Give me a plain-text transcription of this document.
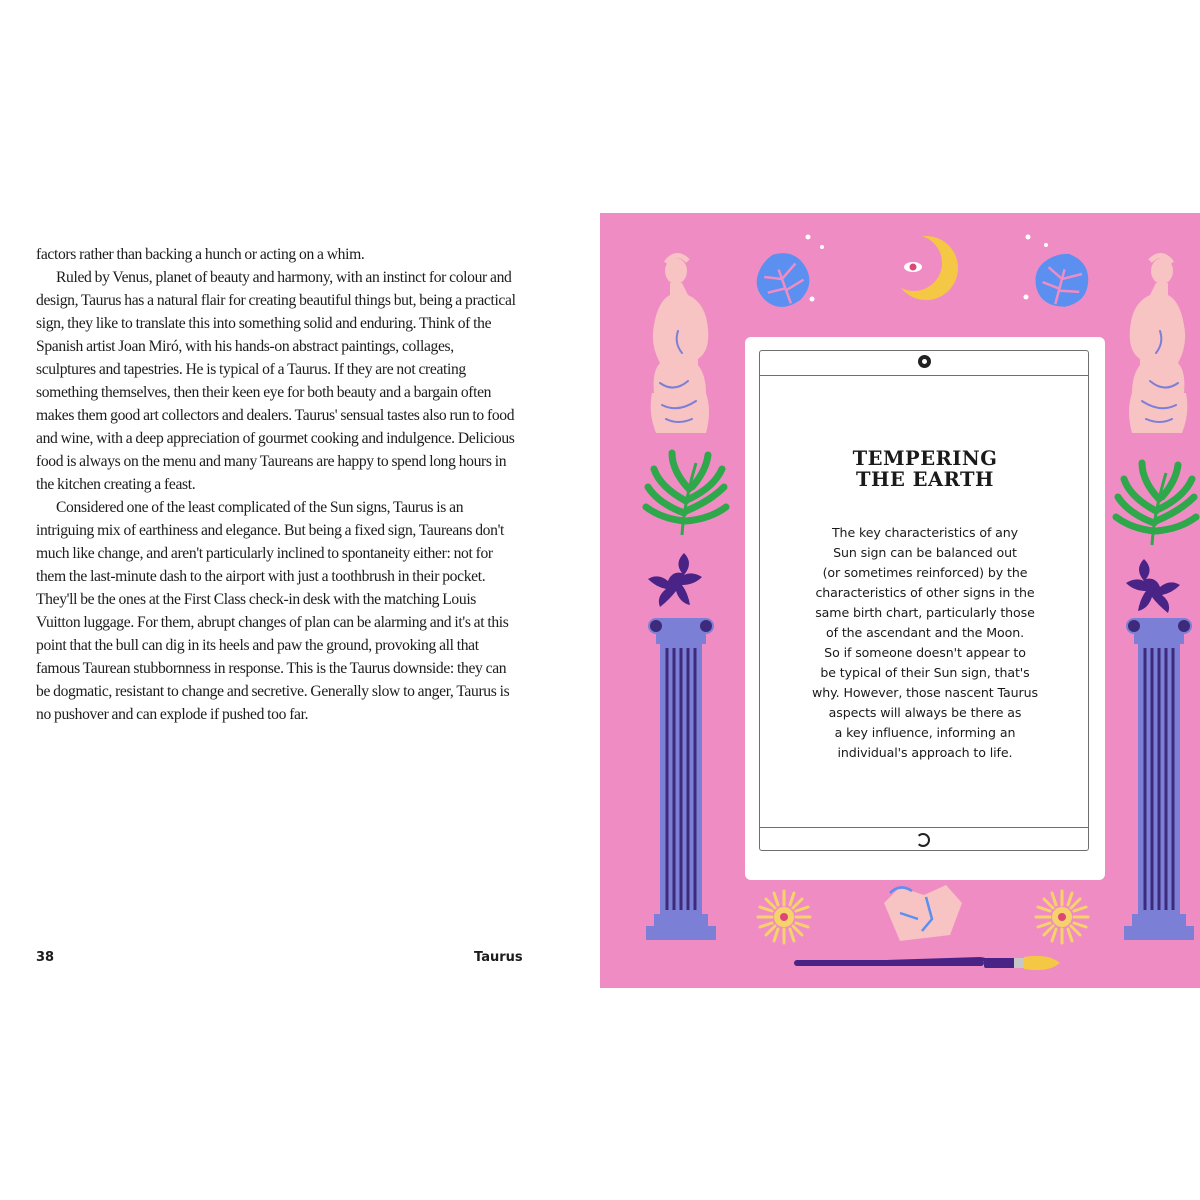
factors rather than backing a hunch or acting on a whim.

Ruled by Venus, planet of beauty and harmony, with an instinct for colour and design, Taurus has a natural flair for creating beautiful things but, being a practical sign, they like to translate this into something solid and enduring. Think of the Spanish artist Joan Miró, with his hands-on abstract paintings, collages, sculptures and tapestries. He is typical of a Taurus. If they are not creating something themselves, then their keen eye for both beauty and a bargain often makes them good art collectors and dealers. Taurus' sensual tastes also run to food and wine, with a deep appreciation of gourmet cooking and indulgence. Delicious food is always on the menu and many Taureans are happy to spend long hours in the kitchen creating a feast.

Considered one of the least complicated of the Sun signs, Taurus is an intriguing mix of earthiness and elegance. But being a fixed sign, Taureans don't much like change, and aren't particularly inclined to spontaneity either: not for them the last-minute dash to the airport with just a toothbrush in their pocket. They'll be the ones at the First Class check-in desk with the matching Louis Vuitton luggage. For them, abrupt changes of plan can be alarming and it's at this point that the bull can dig in its heels and paw the ground, provoking all that famous Taurean stubbornness in response. This is the Taurus downside: they can be dogmatic, resistant to change and secretive. Generally slow to anger, Taurus is no pushover and can explode if pushed too far.

38	Taurus
TEMPERING
THE EARTH
The key characteristics of any
Sun sign can be balanced out
(or sometimes reinforced) by the
characteristics of other signs in the
same birth chart, particularly those
of the ascendant and the Moon.
So if someone doesn't appear to
be typical of their Sun sign, that's
why. However, those nascent Taurus
aspects will always be there as
a key influence, informing an
individual's approach to life.
